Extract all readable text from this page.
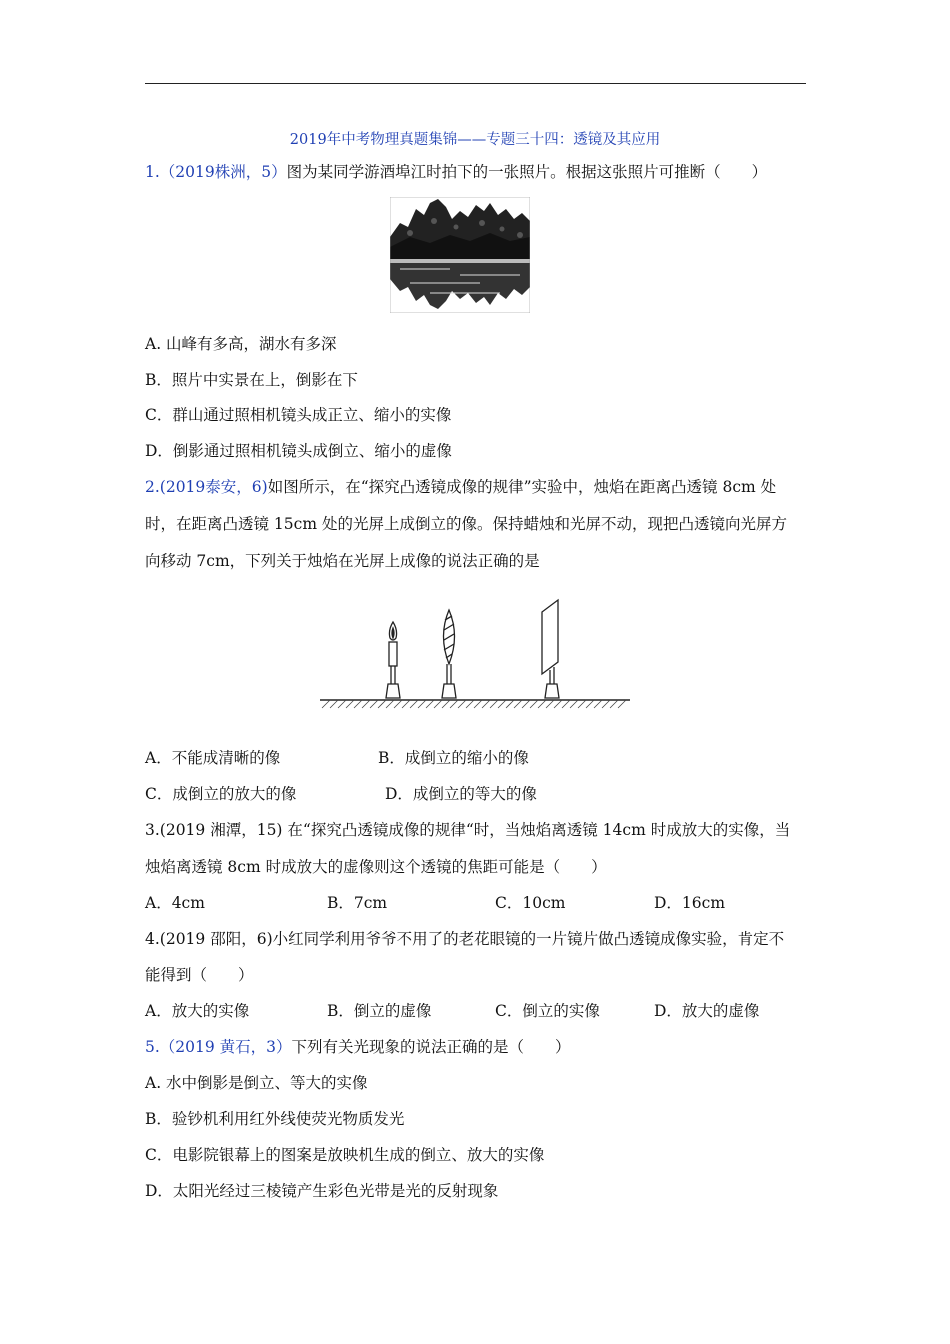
2019年中考物理真题集锦——专题三十四：透镜及其应用
1.（2019株洲，5）图为某同学游酒埠江时拍下的一张照片。根据这张照片可推断（　　）
A. 山峰有多高，湖水有多深
B．照片中实景在上，倒影在下
C．群山通过照相机镜头成正立、缩小的实像
D．倒影通过照相机镜头成倒立、缩小的虚像
2.(2019泰安，6)如图所示，在“探究凸透镜成像的规律”实验中，烛焰在距离凸透镜 8cm 处
时，在距离凸透镜 15cm 处的光屏上成倒立的像。保持蜡烛和光屏不动，现把凸透镜向光屏方
向移动 7cm，下列关于烛焰在光屏上成像的说法正确的是
A．不能成清晰的像	B．成倒立的缩小的像
C．成倒立的放大的像	D．成倒立的等大的像
3.(2019 湘潭，15) 在“探究凸透镜成像的规律“时，当烛焰离透镜 14cm 时成放大的实像，当
烛焰离透镜 8cm 时成放大的虚像则这个透镜的焦距可能是（　　）
A．4cm	B．7cm	C．10cm	D．16cm
4.(2019 邵阳，6)小红同学利用爷爷不用了的老花眼镜的一片镜片做凸透镜成像实验，肯定不
能得到（　　）
A．放大的实像	B．倒立的虚像	C．倒立的实像	D．放大的虚像
5.（2019 黄石，3）下列有关光现象的说法正确的是（　　）
A. 水中倒影是倒立、等大的实像
B．验钞机利用红外线使荧光物质发光
C．电影院银幕上的图案是放映机生成的倒立、放大的实像
D．太阳光经过三棱镜产生彩色光带是光的反射现象
